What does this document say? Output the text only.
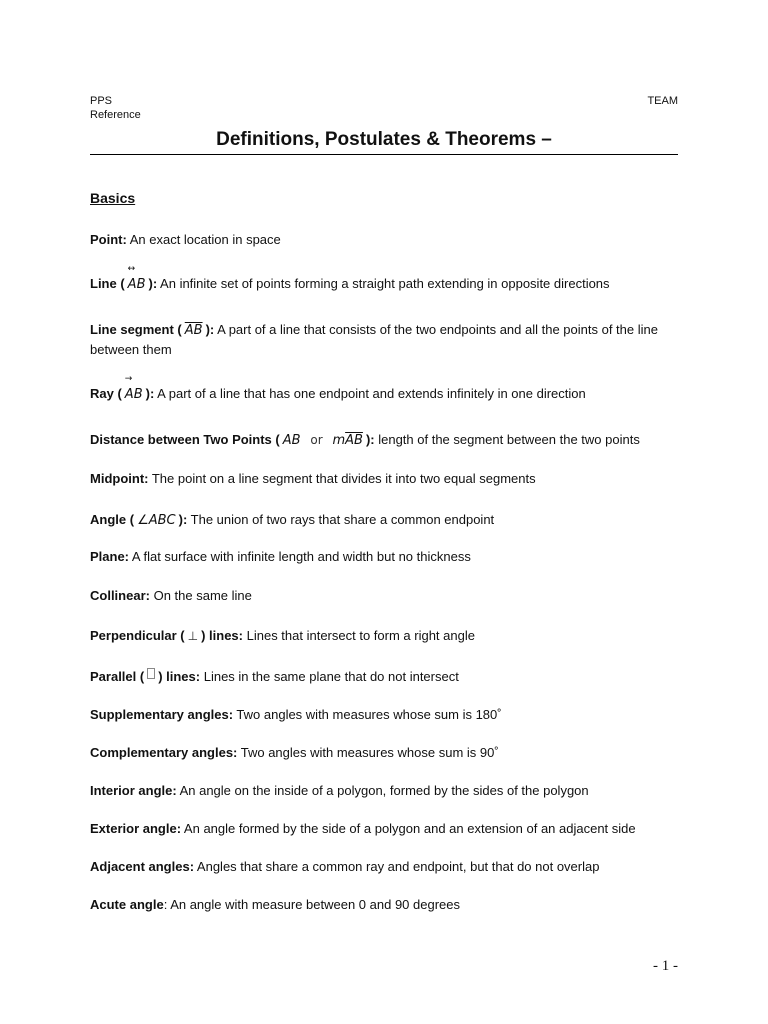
PPS
Reference
TEAM
Definitions, Postulates & Theorems –
Basics
Point: An exact location in space
Line ( ↔ AB ): An infinite set of points forming a straight path extending in opposite directions
Line segment ( $\overline{AB}$ ): A part of a line that consists of the two endpoints and all the points of the line between them
Ray ( → AB ): A part of a line that has one endpoint and extends infinitely in one direction
Distance between Two Points ( AB or $m\overline{AB}$ ): length of the segment between the two points
Midpoint: The point on a line segment that divides it into two equal segments
Angle ( ∠ABC ): The union of two rays that share a common endpoint
Plane: A flat surface with infinite length and width but no thickness
Collinear: On the same line
Perpendicular ( ⊥ ) lines: Lines that intersect to form a right angle
Parallel ( ) lines: Lines in the same plane that do not intersect
Supplementary angles: Two angles with measures whose sum is 180˚
Complementary angles: Two angles with measures whose sum is 90˚
Interior angle: An angle on the inside of a polygon, formed by the sides of the polygon
Exterior angle: An angle formed by the side of a polygon and an extension of an adjacent side
Adjacent angles: Angles that share a common ray and endpoint, but that do not overlap
Acute angle: An angle with measure between 0 and 90 degrees
- 1 -
